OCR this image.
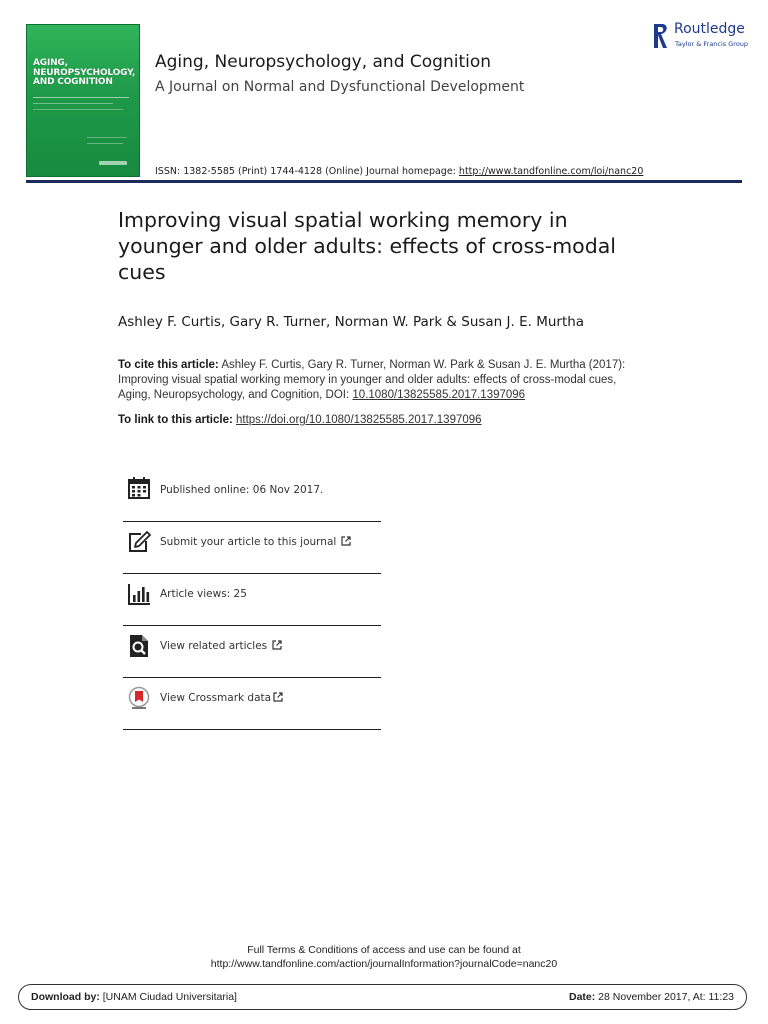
AGING,
NEUROPSYCHOLOGY,
AND COGNITION
Aging, Neuropsychology, and Cognition
A Journal on Normal and Dysfunctional Development
ISSN: 1382-5585 (Print) 1744-4128 (Online) Journal homepage: http://www.tandfonline.com/loi/nanc20
Routledge
Taylor & Francis Group
Improving visual spatial working memory in younger and older adults: effects of cross-modal cues
Ashley F. Curtis, Gary R. Turner, Norman W. Park & Susan J. E. Murtha
To cite this article: Ashley F. Curtis, Gary R. Turner, Norman W. Park & Susan J. E. Murtha (2017): Improving visual spatial working memory in younger and older adults: effects of cross-modal cues, Aging, Neuropsychology, and Cognition, DOI: 10.1080/13825585.2017.1397096
To link to this article: https://doi.org/10.1080/13825585.2017.1397096
Published online: 06 Nov 2017.
Submit your article to this journal
Article views: 25
View related articles
View Crossmark data
Full Terms & Conditions of access and use can be found at
http://www.tandfonline.com/action/journalInformation?journalCode=nanc20
Download by: [UNAM Ciudad Universitaria]	Date: 28 November 2017, At: 11:23
